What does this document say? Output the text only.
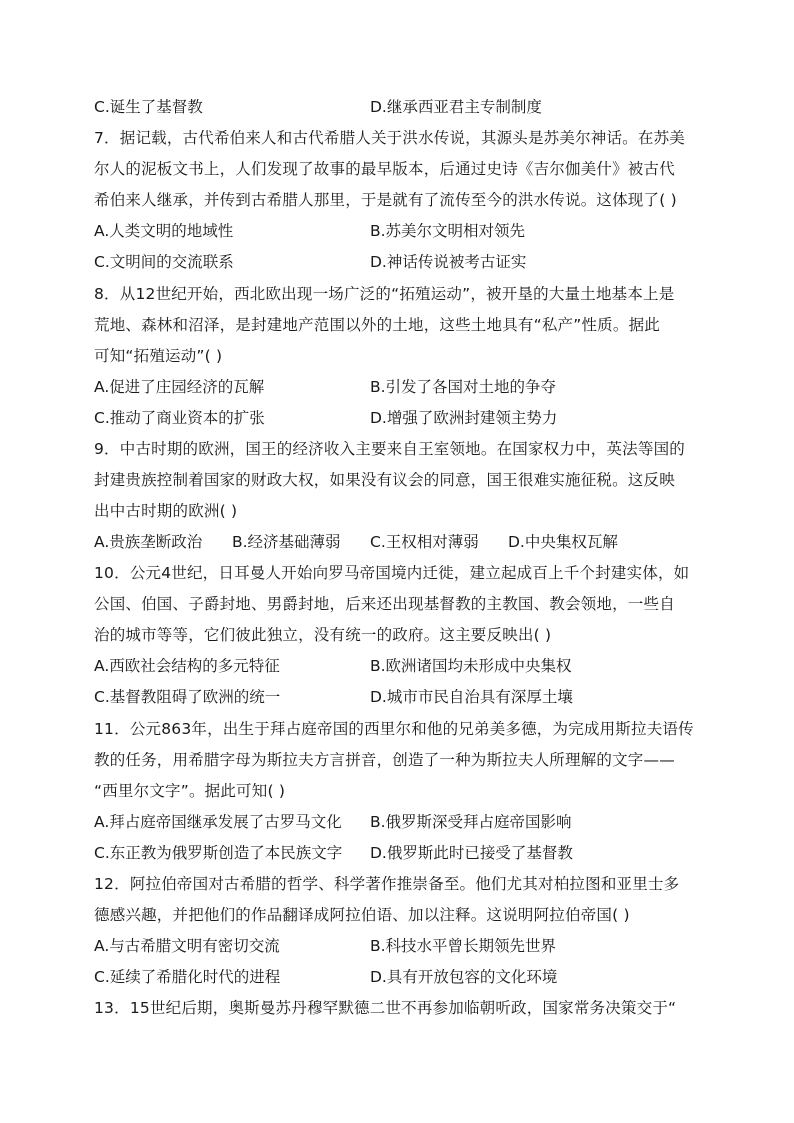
C.诞生了基督教	D.继承西亚君主专制制度
7．据记载，古代希伯来人和古代希腊人关于洪水传说，其源头是苏美尔神话。在苏美
尔人的泥板文书上，人们发现了故事的最早版本，后通过史诗《吉尔伽美什》被古代
希伯来人继承，并传到古希腊人那里，于是就有了流传至今的洪水传说。这体现了( )
A.人类文明的地域性	B.苏美尔文明相对领先
C.文明间的交流联系	D.神话传说被考古证实
8．从12世纪开始，西北欧出现一场广泛的“拓殖运动”，被开垦的大量土地基本上是
荒地、森林和沼泽，是封建地产范围以外的土地，这些土地具有“私产”性质。据此
可知“拓殖运动”( )
A.促进了庄园经济的瓦解	B.引发了各国对土地的争夺
C.推动了商业资本的扩张	D.增强了欧洲封建领主势力
9．中古时期的欧洲，国王的经济收入主要来自王室领地。在国家权力中，英法等国的
封建贵族控制着国家的财政大权，如果没有议会的同意，国王很难实施征税。这反映
出中古时期的欧洲( )
A.贵族垄断政治 B.经济基础薄弱 C.王权相对薄弱 D.中央集权瓦解
10．公元4世纪，日耳曼人开始向罗马帝国境内迁徙，建立起成百上千个封建实体，如
公国、伯国、子爵封地、男爵封地，后来还出现基督教的主教国、教会领地，一些自
治的城市等等，它们彼此独立，没有统一的政府。这主要反映出( )
A.西欧社会结构的多元特征	B.欧洲诸国均未形成中央集权
C.基督教阻碍了欧洲的统一	D.城市市民自治具有深厚土壤
11．公元863年，出生于拜占庭帝国的西里尔和他的兄弟美多德，为完成用斯拉夫语传
教的任务，用希腊字母为斯拉夫方言拼音，创造了一种为斯拉夫人所理解的文字——
“西里尔文字”。据此可知( )
A.拜占庭帝国继承发展了古罗马文化 B.俄罗斯深受拜占庭帝国影响
C.东正教为俄罗斯创造了本民族文字 D.俄罗斯此时已接受了基督教
12．阿拉伯帝国对古希腊的哲学、科学著作推崇备至。他们尤其对柏拉图和亚里士多
德感兴趣，并把他们的作品翻译成阿拉伯语、加以注释。这说明阿拉伯帝国( )
A.与古希腊文明有密切交流	B.科技水平曾长期领先世界
C.延续了希腊化时代的进程	D.具有开放包容的文化环境
13．15世纪后期，奥斯曼苏丹穆罕默德二世不再参加临朝听政，国家常务决策交于“
